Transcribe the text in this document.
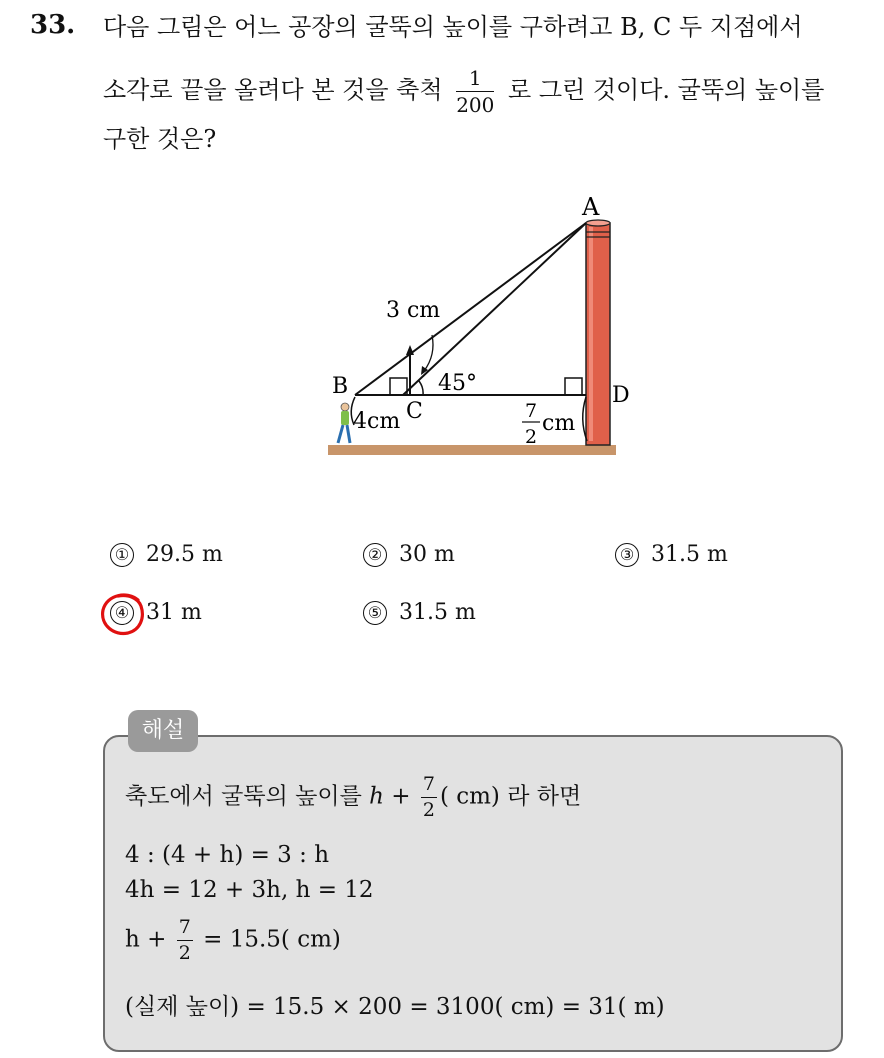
33. 다음 그림은 어느 공장의 굴뚝의 높이를 구하려고 B, C 두 지점에서
소각로 끝을 올려다 본 것을 축척 $\frac{1}{200}$ 로 그린 것이다. 굴뚝의 높이를
구한 것은?
A
B
C
D
3 cm
4cm
45°
7
2
cm
① 29.5 m	② 30 m	③ 31.5 m
④ 31 m	⑤ 31.5 m
해설
축도에서 굴뚝의 높이를 $h + \frac{7}{2}$ ( cm) 라 하면
4 : (4 + h) = 3 : h
4h = 12 + 3h, h = 12
$h + \frac{7}{2} = 15.5$( cm)
(실제 높이) = 15.5 × 200 = 3100( cm) = 31( m)
